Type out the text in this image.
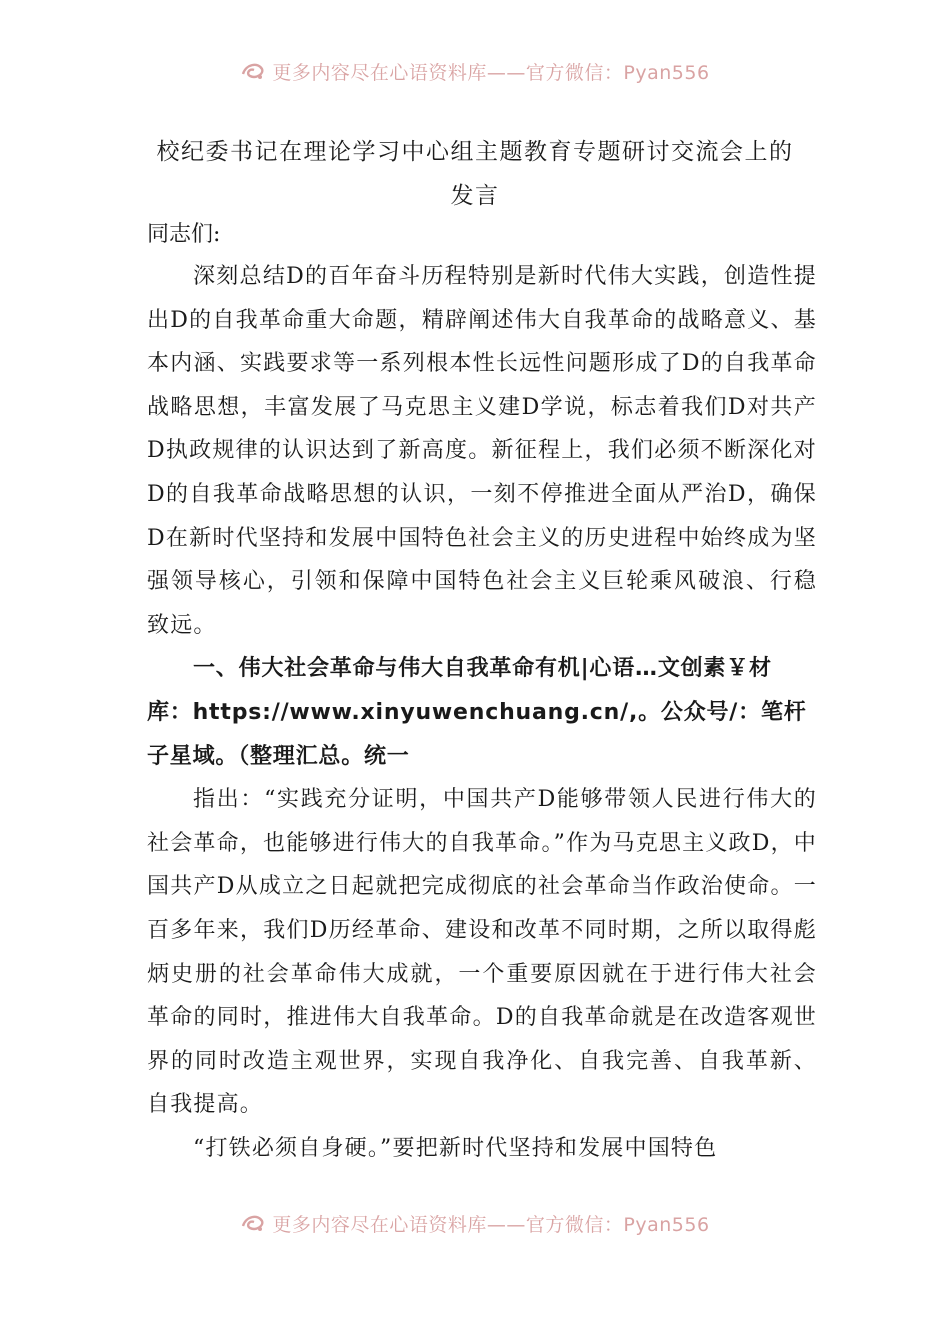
更多内容尽在心语资料库——官方微信：Pyan556
校纪委书记在理论学习中心组主题教育专题研讨交流会上的发言
同志们:

深刻总结D的百年奋斗历程特别是新时代伟大实践，创造性提出D的自我革命重大命题，精辟阐述伟大自我革命的战略意义、基本内涵、实践要求等一系列根本性长远性问题形成了D的自我革命战略思想，丰富发展了马克思主义建D学说，标志着我们D对共产D执政规律的认识达到了新高度。新征程上，我们必须不断深化对D的自我革命战略思想的认识，一刻不停推进全面从严治D，确保D在新时代坚持和发展中国特色社会主义的历史进程中始终成为坚强领导核心，引领和保障中国特色社会主义巨轮乘风破浪、行稳致远。

一、伟大社会革命与伟大自我革命有机|心语…文创素￥材库：https://www.xinyuwenchuang.cn/,。公众号/：笔杆子星域。（整理汇总。统一

指出：“实践充分证明，中国共产D能够带领人民进行伟大的社会革命，也能够进行伟大的自我革命。”作为马克思主义政D，中国共产D从成立之日起就把完成彻底的社会革命当作政治使命。一百多年来，我们D历经革命、建设和改革不同时期，之所以取得彪炳史册的社会革命伟大成就，一个重要原因就在于进行伟大社会革命的同时，推进伟大自我革命。D的自我革命就是在改造客观世界的同时改造主观世界，实现自我净化、自我完善、自我革新、自我提高。

“打铁必须自身硬。”要把新时代坚持和发展中国特色

更多内容尽在心语资料库——官方微信：Pyan556
